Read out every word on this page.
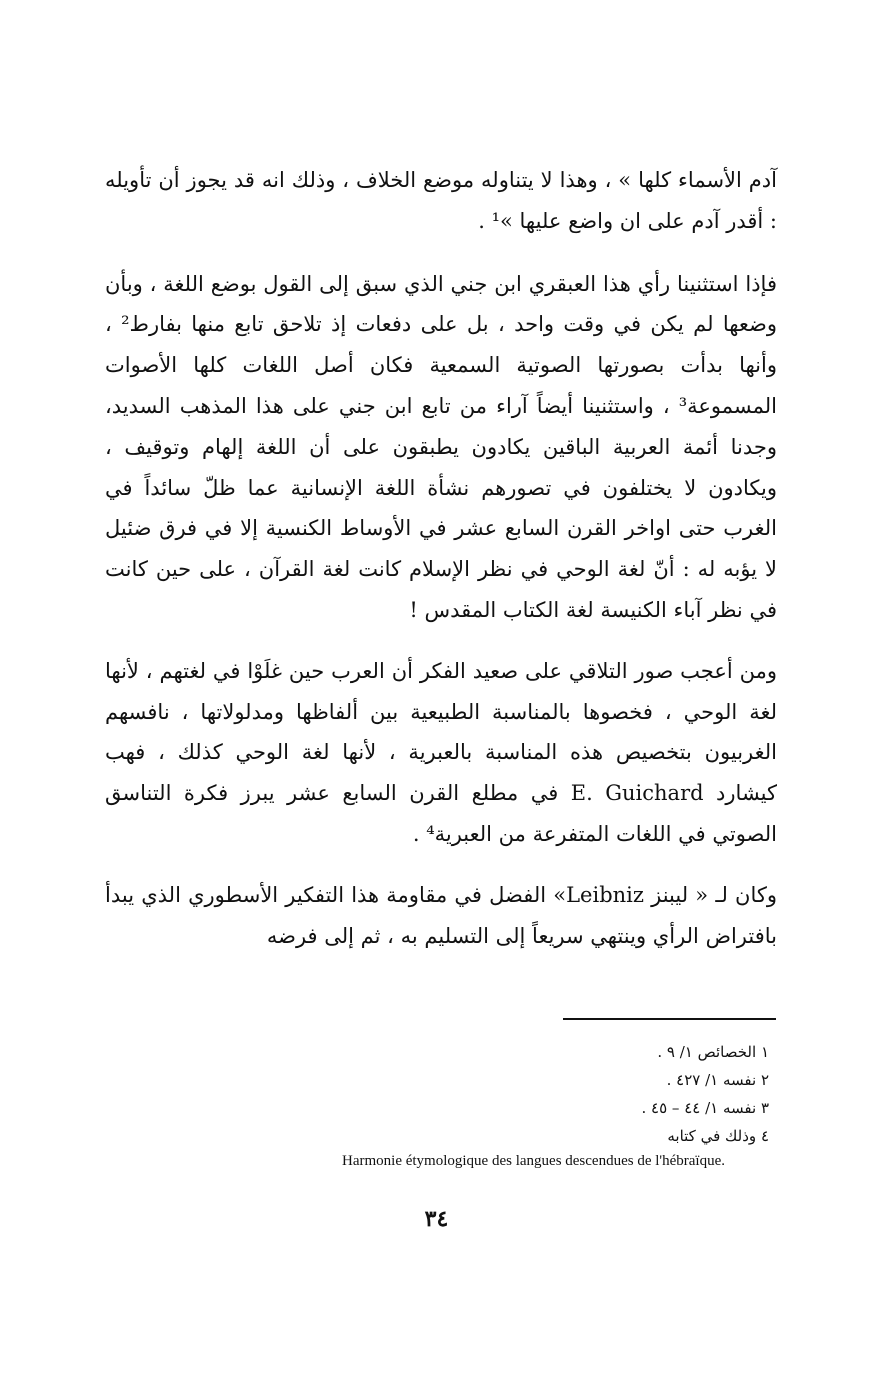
آدم الأسماء كلها » ، وهذا لا يتناوله موضع الخلاف ، وذلك انه قد يجوز أن تأويله : أقدر آدم على ان واضع عليها »¹ .

فإذا استثنينا رأي هذا العبقري ابن جني الذي سبق إلى القول بوضع اللغة ، وبأن وضعها لم يكن في وقت واحد ، بل على دفعات إذ تلاحق تابع منها بفارط² ، وأنها بدأت بصورتها الصوتية السمعية فكان أصل اللغات كلها الأصوات المسموعة³ ، واستثنينا أيضاً آراء من تابع ابن جني على هذا المذهب السديد، وجدنا أئمة العربية الباقين يكادون يطبقون على أن اللغة إلهام وتوقيف ، ويكادون لا يختلفون في تصورهم نشأة اللغة الإنسانية عما ظلّ سائداً في الغرب حتى اواخر القرن السابع عشر في الأوساط الكنسية إلا في فرق ضئيل لا يؤبه له : أنّ لغة الوحي في نظر الإسلام كانت لغة القرآن ، على حين كانت في نظر آباء الكنيسة لغة الكتاب المقدس !

ومن أعجب صور التلاقي على صعيد الفكر أن العرب حين غلَوْا في لغتهم ، لأنها لغة الوحي ، فخصوها بالمناسبة الطبيعية بين ألفاظها ومدلولاتها ، نافسهم الغربيون بتخصيص هذه المناسبة بالعبرية ، لأنها لغة الوحي كذلك ، فهب كيشارد E. Guichard في مطلع القرن السابع عشر يبرز فكرة التناسق الصوتي في اللغات المتفرعة من العبرية⁴ .

وكان لـ « ليبنز Leibniz» الفضل في مقاومة هذا التفكير الأسطوري الذي يبدأ بافتراض الرأي وينتهي سريعاً إلى التسليم به ، ثم إلى فرضه

١ الخصائص ١/ ٩ .

٢ نفسه ١/ ٤٢٧ .

٣ نفسه ١/ ٤٤ – ٤٥ .

٤ وذلك في كتابه

Harmonie étymologique des langues descendues de l'hébraïque.

٣٤
